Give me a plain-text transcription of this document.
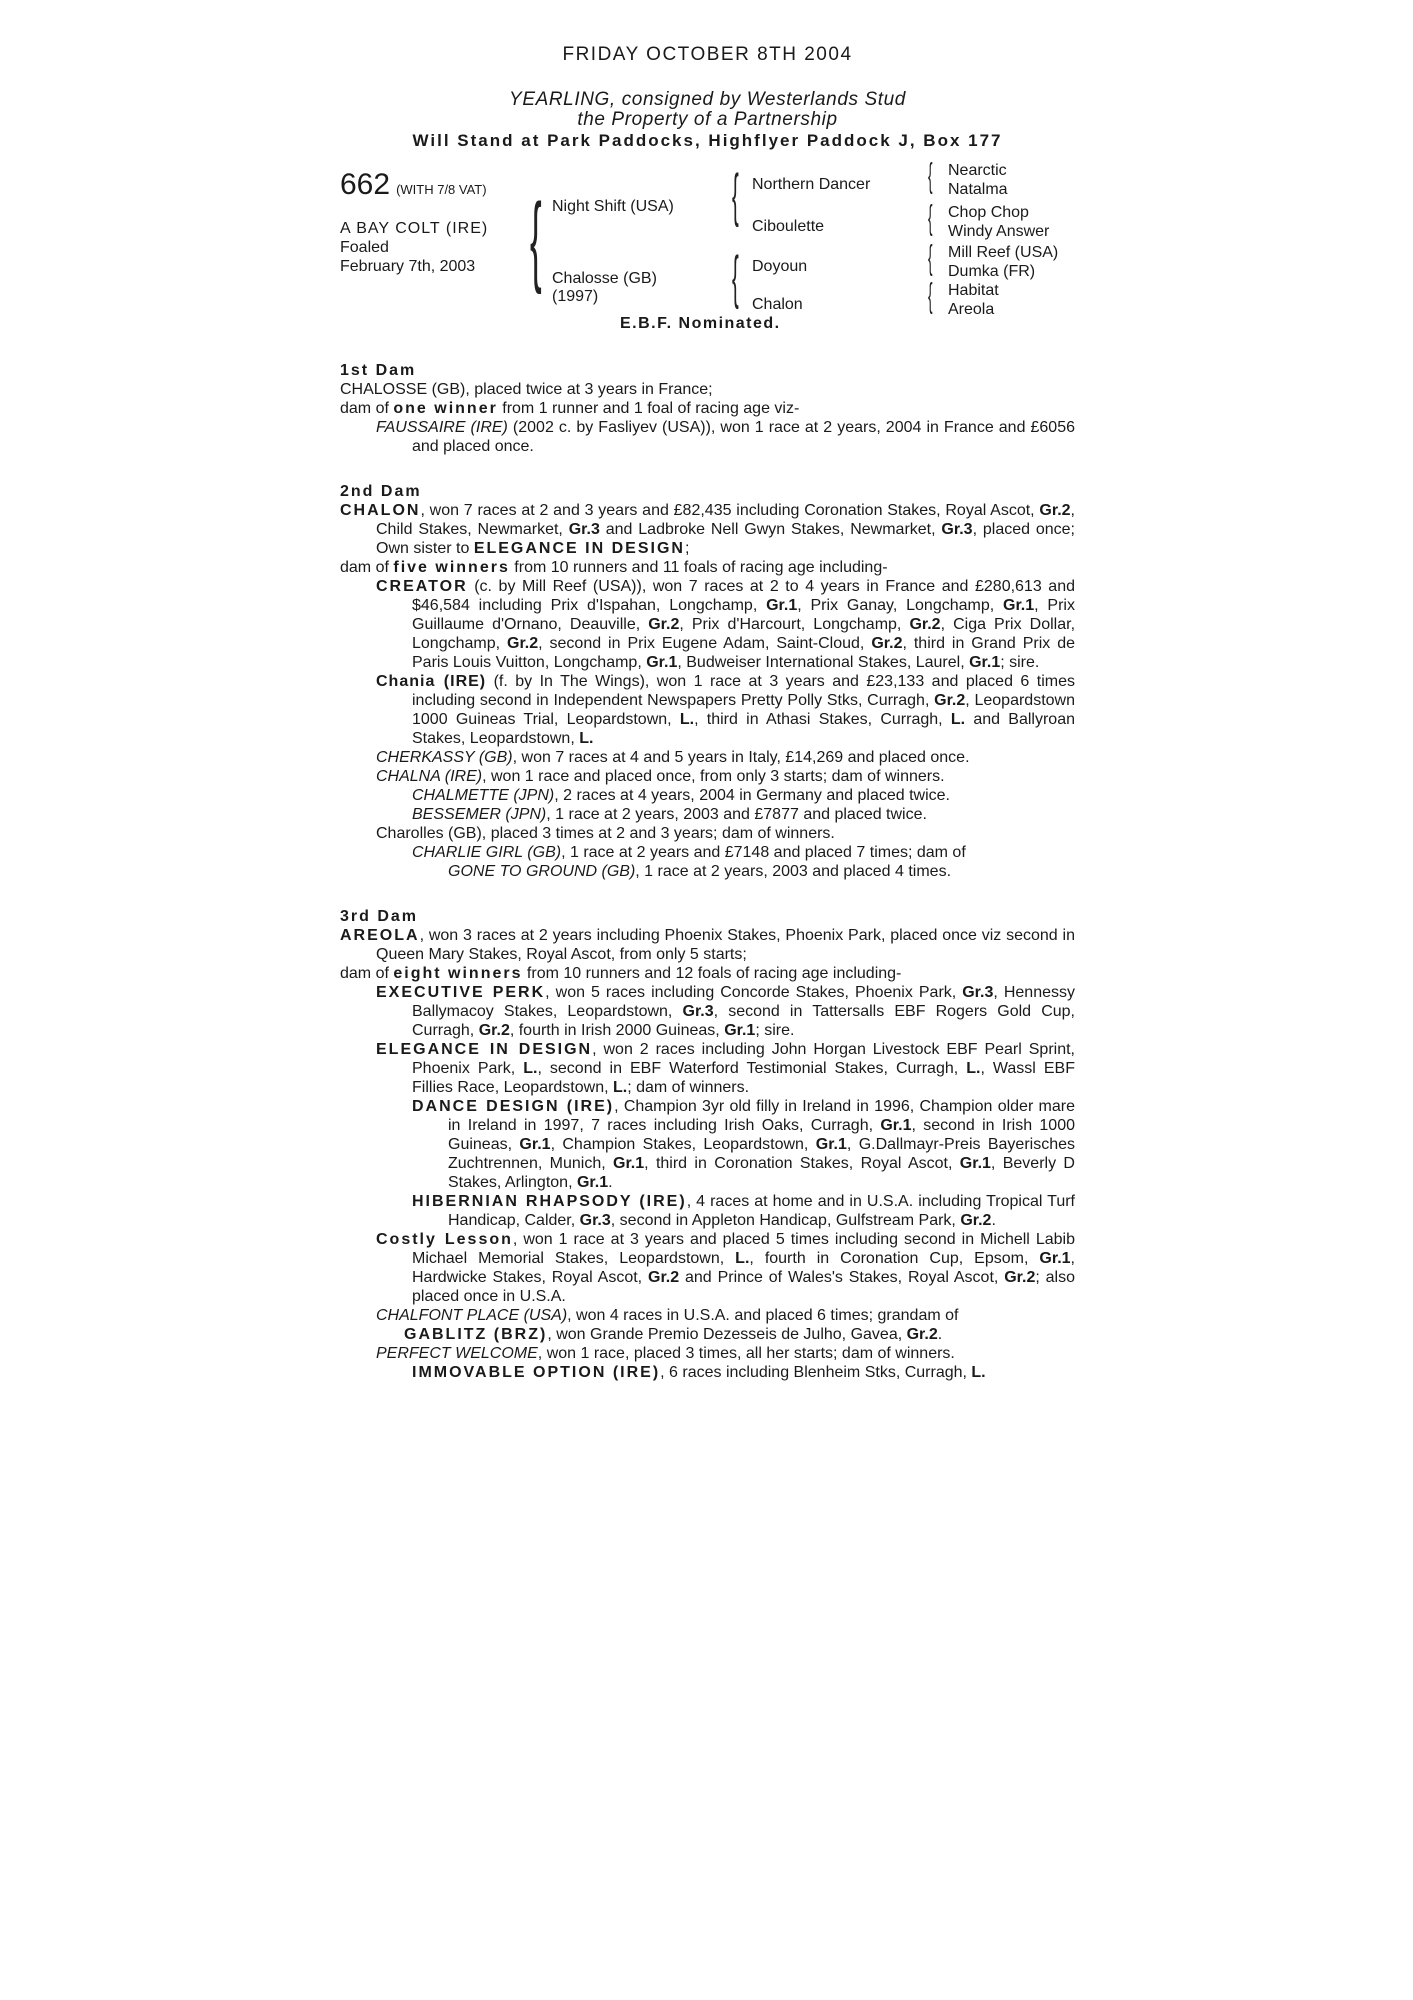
FRIDAY OCTOBER 8TH 2004
YEARLING, consigned by Westerlands Stud
the Property of a Partnership
Will Stand at Park Paddocks, Highflyer Paddock J, Box 177
662 (WITH 7/8 VAT)
A BAY COLT (IRE)
Foaled
February 7th, 2003 { Night Shift (USA)
Chalosse (GB)
(1997)
{ Northern Dancer
Ciboulette
{ Doyoun
Chalon
{ Nearctic
Natalma
{ Chop Chop
Windy Answer
{ Mill Reef (USA)
Dumka (FR)
{ Habitat
Areola
E.B.F. Nominated.
1st Dam
CHALOSSE (GB), placed twice at 3 years in France;
dam of one winner from 1 runner and 1 foal of racing age viz-
FAUSSAIRE (IRE) (2002 c. by Fasliyev (USA)), won 1 race at 2 years, 2004 in France and £6056 and placed once.
2nd Dam
CHALON, won 7 races at 2 and 3 years and £82,435 including Coronation Stakes, Royal Ascot, Gr.2, Child Stakes, Newmarket, Gr.3 and Ladbroke Nell Gwyn Stakes, Newmarket, Gr.3, placed once; Own sister to ELEGANCE IN DESIGN;
dam of five winners from 10 runners and 11 foals of racing age including-
CREATOR (c. by Mill Reef (USA)), won 7 races at 2 to 4 years in France and £280,613 and $46,584 including Prix d'Ispahan, Longchamp, Gr.1, Prix Ganay, Longchamp, Gr.1, Prix Guillaume d'Ornano, Deauville, Gr.2, Prix d'Harcourt, Longchamp, Gr.2, Ciga Prix Dollar, Longchamp, Gr.2, second in Prix Eugene Adam, Saint-Cloud, Gr.2, third in Grand Prix de Paris Louis Vuitton, Longchamp, Gr.1, Budweiser International Stakes, Laurel, Gr.1; sire.
Chania (IRE) (f. by In The Wings), won 1 race at 3 years and £23,133 and placed 6 times including second in Independent Newspapers Pretty Polly Stks, Curragh, Gr.2, Leopardstown 1000 Guineas Trial, Leopardstown, L., third in Athasi Stakes, Curragh, L. and Ballyroan Stakes, Leopardstown, L.
CHERKASSY (GB), won 7 races at 4 and 5 years in Italy, £14,269 and placed once.
CHALNA (IRE), won 1 race and placed once, from only 3 starts; dam of winners.
CHALMETTE (JPN), 2 races at 4 years, 2004 in Germany and placed twice.
BESSEMER (JPN), 1 race at 2 years, 2003 and £7877 and placed twice.
Charolles (GB), placed 3 times at 2 and 3 years; dam of winners.
CHARLIE GIRL (GB), 1 race at 2 years and £7148 and placed 7 times; dam of
GONE TO GROUND (GB), 1 race at 2 years, 2003 and placed 4 times.
3rd Dam
AREOLA, won 3 races at 2 years including Phoenix Stakes, Phoenix Park, placed once viz second in Queen Mary Stakes, Royal Ascot, from only 5 starts;
dam of eight winners from 10 runners and 12 foals of racing age including-
EXECUTIVE PERK, won 5 races including Concorde Stakes, Phoenix Park, Gr.3, Hennessy Ballymacoy Stakes, Leopardstown, Gr.3, second in Tattersalls EBF Rogers Gold Cup, Curragh, Gr.2, fourth in Irish 2000 Guineas, Gr.1; sire.
ELEGANCE IN DESIGN, won 2 races including John Horgan Livestock EBF Pearl Sprint, Phoenix Park, L., second in EBF Waterford Testimonial Stakes, Curragh, L., Wassl EBF Fillies Race, Leopardstown, L.; dam of winners.
DANCE DESIGN (IRE), Champion 3yr old filly in Ireland in 1996, Champion older mare in Ireland in 1997, 7 races including Irish Oaks, Curragh, Gr.1, second in Irish 1000 Guineas, Gr.1, Champion Stakes, Leopardstown, Gr.1, G.Dallmayr-Preis Bayerisches Zuchtrennen, Munich, Gr.1, third in Coronation Stakes, Royal Ascot, Gr.1, Beverly D Stakes, Arlington, Gr.1.
HIBERNIAN RHAPSODY (IRE), 4 races at home and in U.S.A. including Tropical Turf Handicap, Calder, Gr.3, second in Appleton Handicap, Gulfstream Park, Gr.2.
Costly Lesson, won 1 race at 3 years and placed 5 times including second in Michell Labib Michael Memorial Stakes, Leopardstown, L., fourth in Coronation Cup, Epsom, Gr.1, Hardwicke Stakes, Royal Ascot, Gr.2 and Prince of Wales's Stakes, Royal Ascot, Gr.2; also placed once in U.S.A.
CHALFONT PLACE (USA), won 4 races in U.S.A. and placed 6 times; grandam of
GABLITZ (BRZ), won Grande Premio Dezesseis de Julho, Gavea, Gr.2.
PERFECT WELCOME, won 1 race, placed 3 times, all her starts; dam of winners.
IMMOVABLE OPTION (IRE), 6 races including Blenheim Stks, Curragh, L.
